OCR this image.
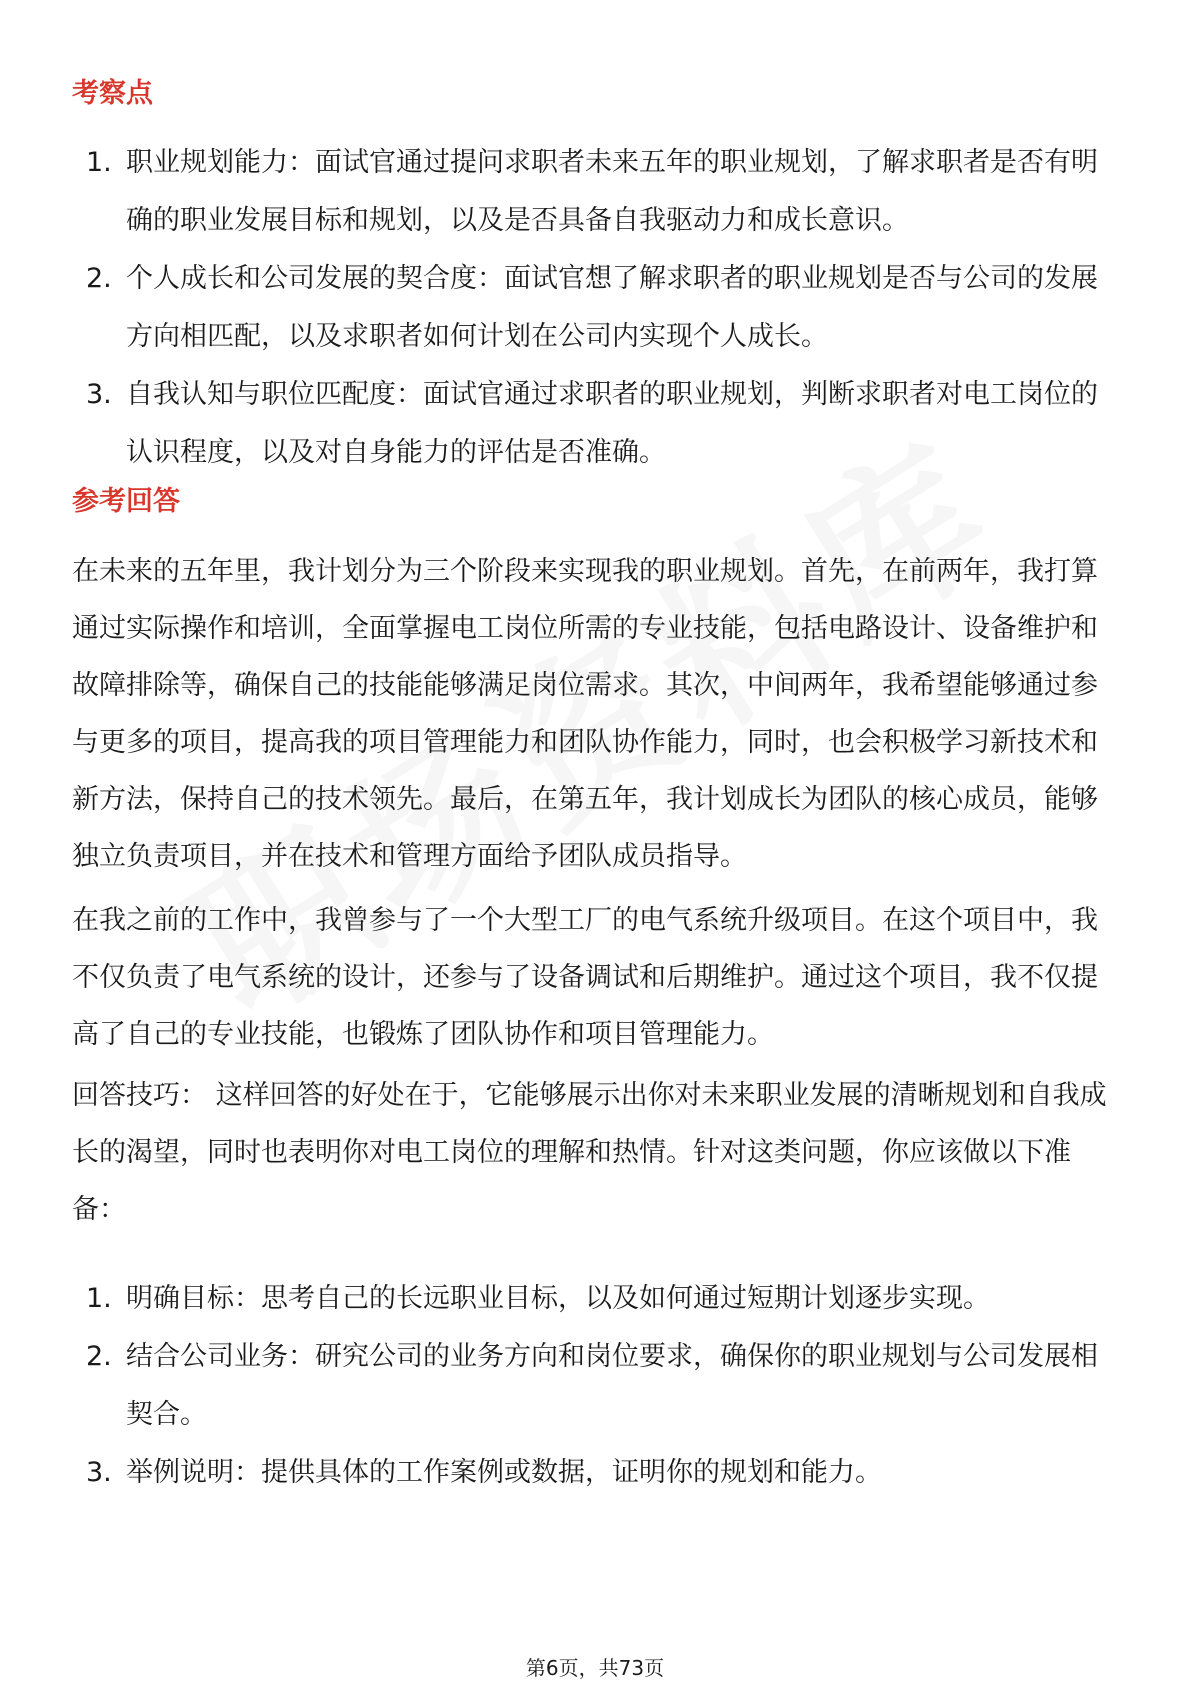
考察点
1. 职业规划能力：面试官通过提问求职者未来五年的职业规划，了解求职者是否有明确的职业发展目标和规划，以及是否具备自我驱动力和成长意识。
2. 个人成长和公司发展的契合度：面试官想了解求职者的职业规划是否与公司的发展方向相匹配，以及求职者如何计划在公司内实现个人成长。
3. 自我认知与职位匹配度：面试官通过求职者的职业规划，判断求职者对电工岗位的认识程度，以及对自身能力的评估是否准确。
参考回答

在未来的五年里，我计划分为三个阶段来实现我的职业规划。首先，在前两年，我打算通过实际操作和培训，全面掌握电工岗位所需的专业技能，包括电路设计、设备维护和故障排除等，确保自己的技能能够满足岗位需求。其次，中间两年，我希望能够通过参与更多的项目，提高我的项目管理能力和团队协作能力，同时，也会积极学习新技术和新方法，保持自己的技术领先。最后，在第五年，我计划成长为团队的核心成员，能够独立负责项目，并在技术和管理方面给予团队成员指导。

在我之前的工作中，我曾参与了一个大型工厂的电气系统升级项目。在这个项目中，我不仅负责了电气系统的设计，还参与了设备调试和后期维护。通过这个项目，我不仅提高了自己的专业技能，也锻炼了团队协作和项目管理能力。

回答技巧： 这样回答的好处在于，它能够展示出你对未来职业发展的清晰规划和自我成长的渴望，同时也表明你对电工岗位的理解和热情。针对这类问题，你应该做以下准备：

1. 明确目标：思考自己的长远职业目标，以及如何通过短期计划逐步实现。
2. 结合公司业务：研究公司的业务方向和岗位要求，确保你的职业规划与公司发展相契合。
3. 举例说明：提供具体的工作案例或数据，证明你的规划和能力。
第6页，共73页
